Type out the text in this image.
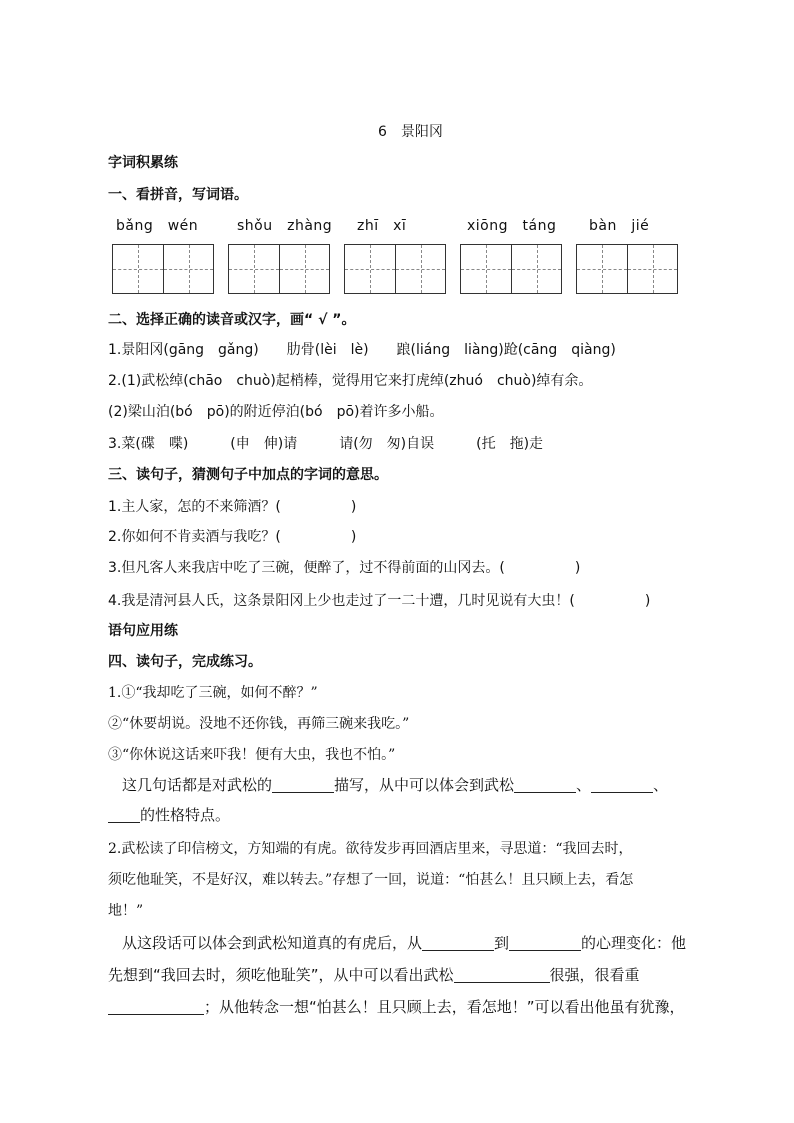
6　景阳冈
字词积累练
一、看拼音，写词语。
bǎng　wén	shǒu　zhàng zhī　xī	xiōng　táng bàn　jié
二、选择正确的读音或汉字，画“ √ ”。
1.景阳冈(gāng　gǎng)　　肋骨(lèi　lè)　　踉(liáng　liàng)跄(cāng　qiàng)
2.(1)武松绰(chāo　chuò)起梢棒，觉得用它来打虎绰(zhuó　chuò)绰有余。
(2)梁山泊(bó　pō)的附近停泊(bó　pō)着许多小船。
3.菜(碟　喋)　　　(申　伸)请　　　请(勿　匆)自误　　　(托　拖)走
三、读句子，猜测句子中加点的字词的意思。
1.主人家，怎的不来筛酒？(　　　　　)
2.你如何不肯卖酒与我吃？(　　　　　)
3.但凡客人来我店中吃了三碗，便醉了，过不得前面的山冈去。(　　　　　)
4.我是清河县人氏，这条景阳冈上少也走过了一二十遭，几时见说有大虫！(　　　　　)
语句应用练
四、读句子，完成练习。
1.①“我却吃了三碗，如何不醉？”
②“休要胡说。没地不还你钱，再筛三碗来我吃。”
③“你休说这话来吓我！便有大虫，我也不怕。”
这几句话都是对武松的	描写，从中可以体会到武松	、	、
的性格特点。
2.武松读了印信榜文，方知端的有虎。欲待发步再回酒店里来，寻思道：“我回去时，
须吃他耻笑，不是好汉，难以转去。”存想了一回，说道：“怕甚么！且只顾上去，看怎
地！”
从这段话可以体会到武松知道真的有虎后，从	到	的心理变化：他
先想到“我回去时，须吃他耻笑”，从中可以看出武松	很强，很看重
；从他转念一想“怕甚么！且只顾上去，看怎地！”可以看出他虽有犹豫，
